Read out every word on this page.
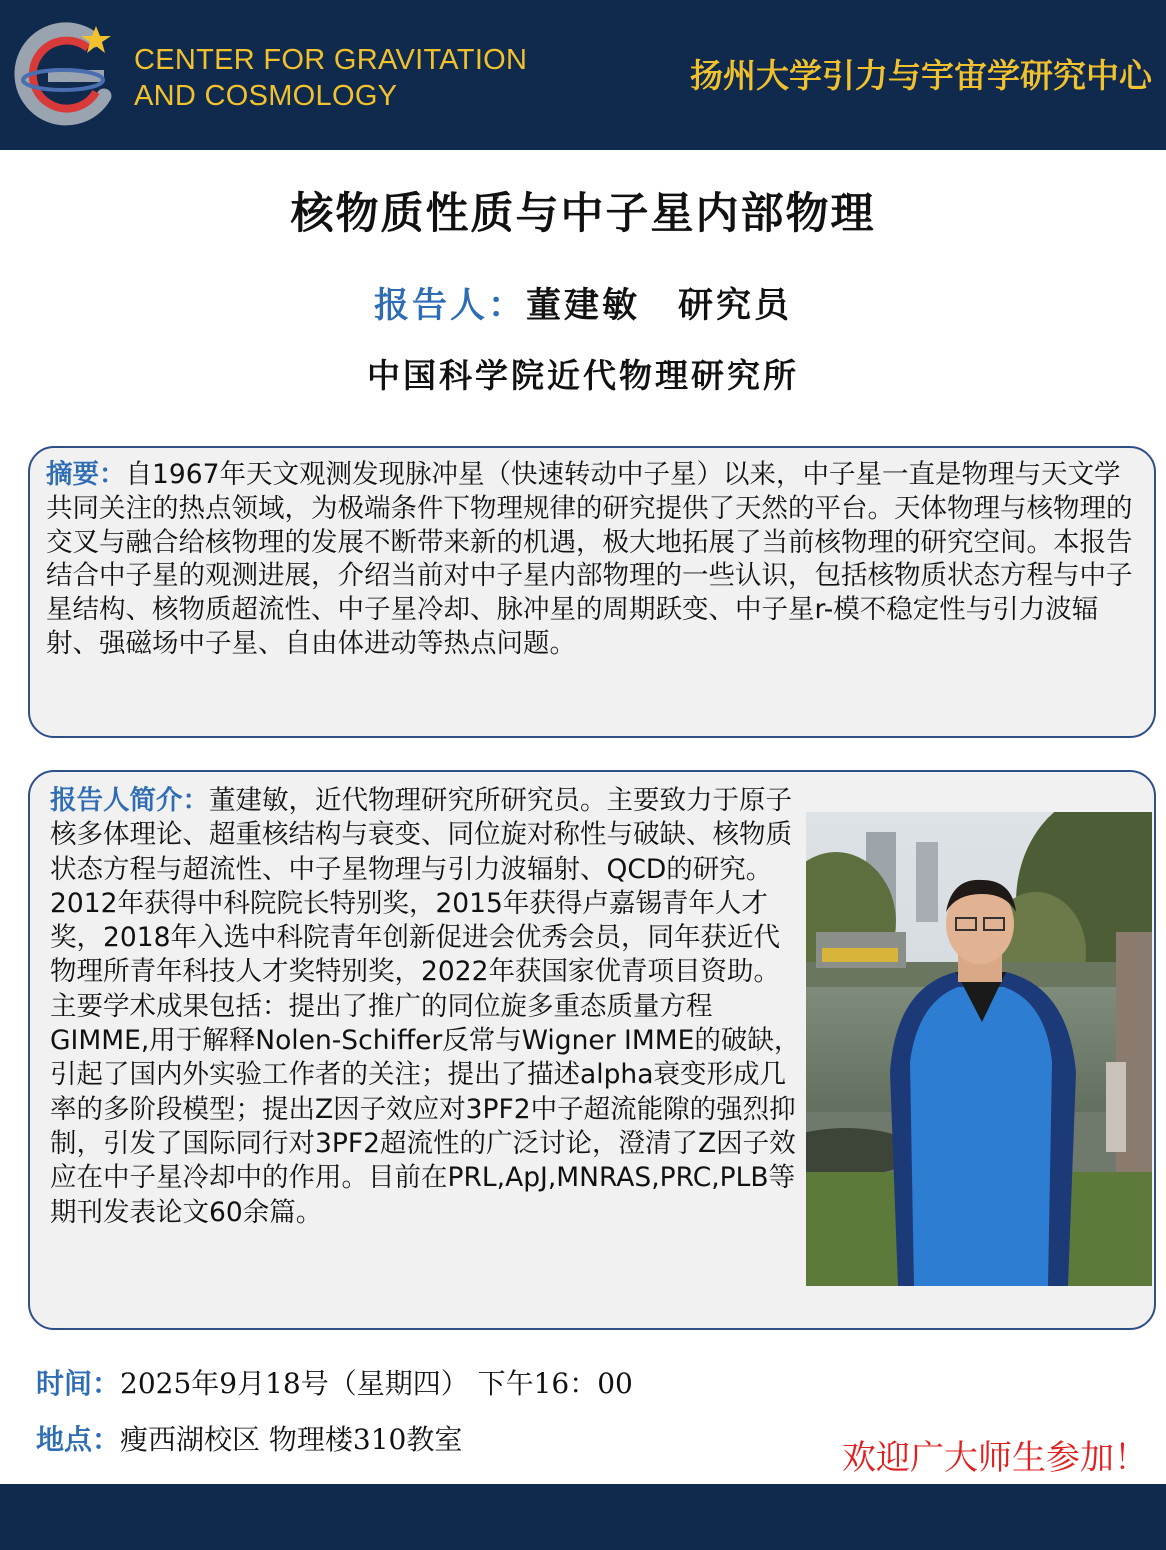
CENTER FOR GRAVITATION
AND COSMOLOGY
扬州大学引力与宇宙学研究中心
核物质性质与中子星内部物理
报告人：董建敏　研究员
中国科学院近代物理研究所
摘要：自1967年天文观测发现脉冲星（快速转动中子星）以来，中子星一直是物理与天文学共同关注的热点领域，为极端条件下物理规律的研究提供了天然的平台。天体物理与核物理的交叉与融合给核物理的发展不断带来新的机遇，极大地拓展了当前核物理的研究空间。本报告结合中子星的观测进展，介绍当前对中子星内部物理的一些认识，包括核物质状态方程与中子星结构、核物质超流性、中子星冷却、脉冲星的周期跃变、中子星r-模不稳定性与引力波辐射、强磁场中子星、自由体进动等热点问题。
报告人简介：董建敏，近代物理研究所研究员。主要致力于原子核多体理论、超重核结构与衰变、同位旋对称性与破缺、核物质状态方程与超流性、中子星物理与引力波辐射、QCD的研究。2012年获得中科院院长特别奖，2015年获得卢嘉锡青年人才奖，2018年入选中科院青年创新促进会优秀会员，同年获近代物理所青年科技人才奖特别奖，2022年获国家优青项目资助。主要学术成果包括：提出了推广的同位旋多重态质量方程GIMME,用于解释Nolen-Schiffer反常与Wigner IMME的破缺，引起了国内外实验工作者的关注；提出了描述alpha衰变形成几率的多阶段模型；提出Z因子效应对3PF2中子超流能隙的强烈抑制，引发了国际同行对3PF2超流性的广泛讨论，澄清了Z因子效应在中子星冷却中的作用。目前在PRL,ApJ,MNRAS,PRC,PLB等期刊发表论文60余篇。
时间：2025年9月18号（星期四） 下午16：00
地点：瘦西湖校区 物理楼310教室	欢迎广大师生参加！
